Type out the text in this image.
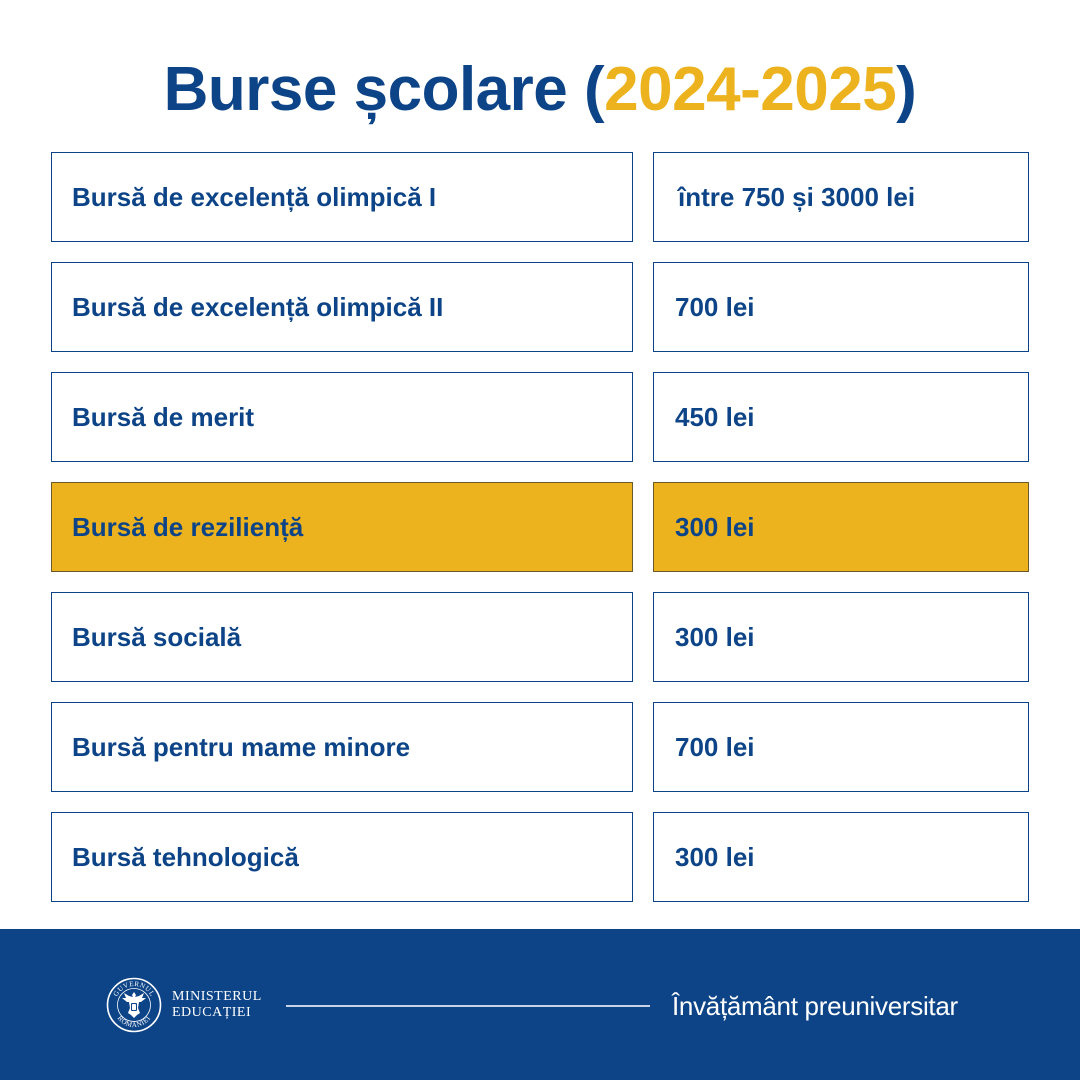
Burse școlare (2024-2025)
Bursă de excelență olimpică I	între 750 și 3000 lei
Bursă de excelență olimpică II	700 lei
Bursă de merit	450 lei
Bursă de reziliență	300 lei
Bursă socială	300 lei
Bursă pentru mame minore	700 lei
Bursă tehnologică	300 lei
GUVERNUL
ROMÂNIEI
MINISTERUL
EDUCAȚIEI	Învățământ preuniversitar
